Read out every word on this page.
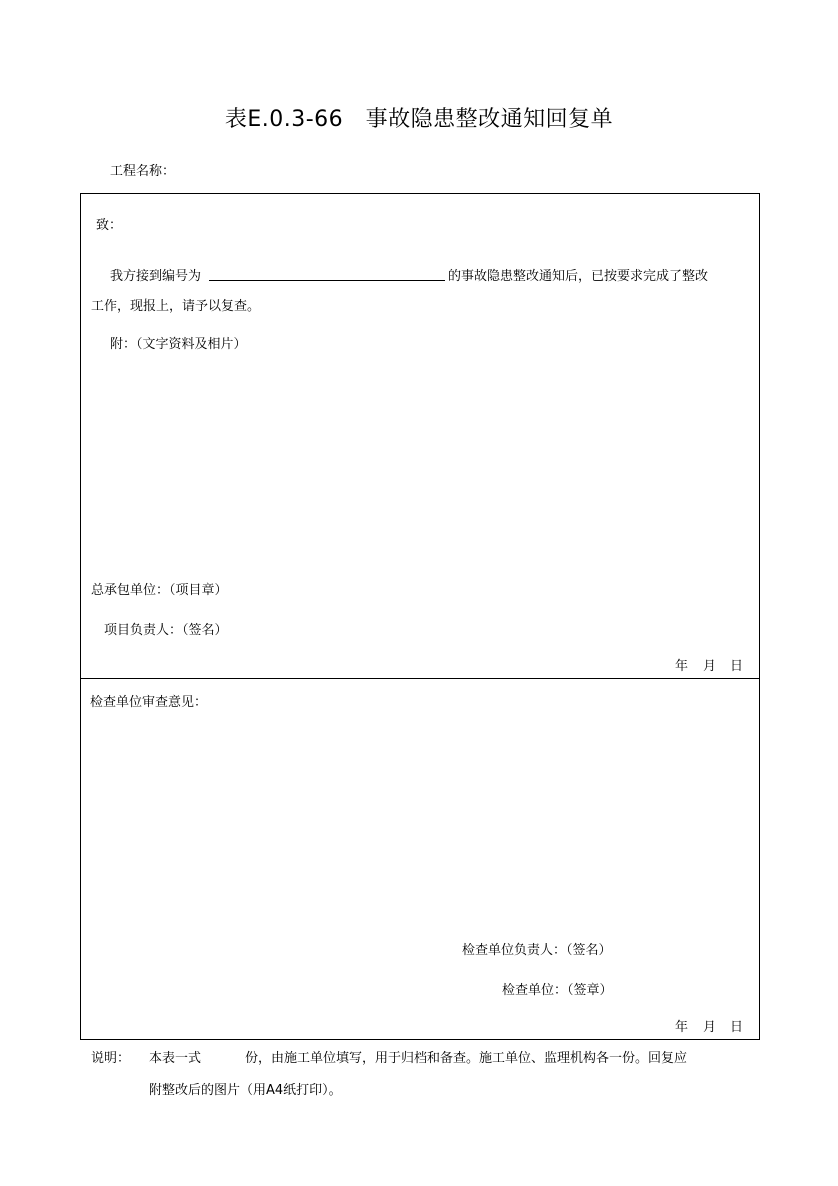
表E.0.3-66　事故隐患整改通知回复单
工程名称：
致：
我方接到编号为	的事故隐患整改通知后，已按要求完成了整改
工作，现报上，请予以复查。
附：（文字资料及相片）
总承包单位：（项目章）
项目负责人：（签名）
年 月 日
检查单位审查意见：
检查单位负责人：（签名）
检查单位：（签章）
年 月 日
说明： 本表一式	份，由施工单位填写，用于归档和备查。施工单位、监理机构各一份。回复应
附整改后的图片（用A4纸打印）。
